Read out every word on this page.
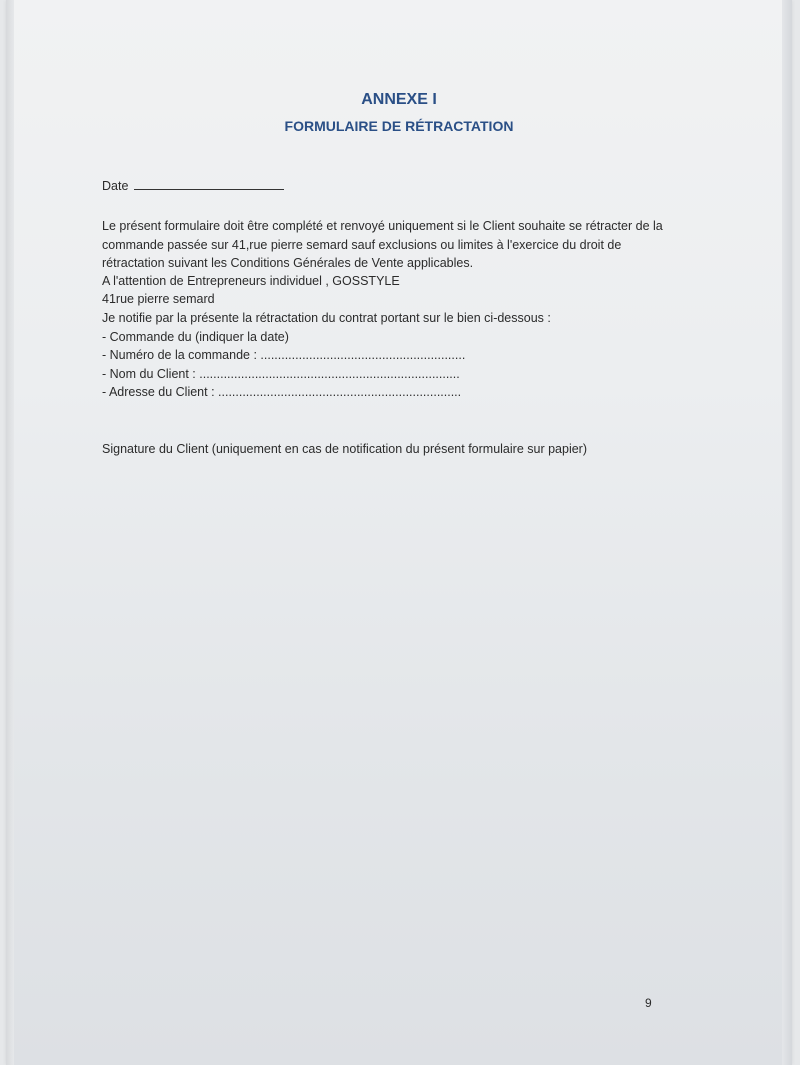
ANNEXE I
FORMULAIRE DE RÉTRACTATION
Date
Le présent formulaire doit être complété et renvoyé uniquement si le Client souhaite se rétracter de la
commande passée sur 41,rue pierre semard sauf exclusions ou limites à l'exercice du droit de
rétractation suivant les Conditions Générales de Vente applicables.
A l'attention de Entrepreneurs individuel , GOSSTYLE
41rue pierre semard
Je notifie par la présente la rétractation du contrat portant sur le bien ci-dessous :
- Commande du (indiquer la date)
- Numéro de la commande : ...........................................................
- Nom du Client : ...........................................................................
- Adresse du Client : ......................................................................
Signature du Client (uniquement en cas de notification du présent formulaire sur papier)
9
